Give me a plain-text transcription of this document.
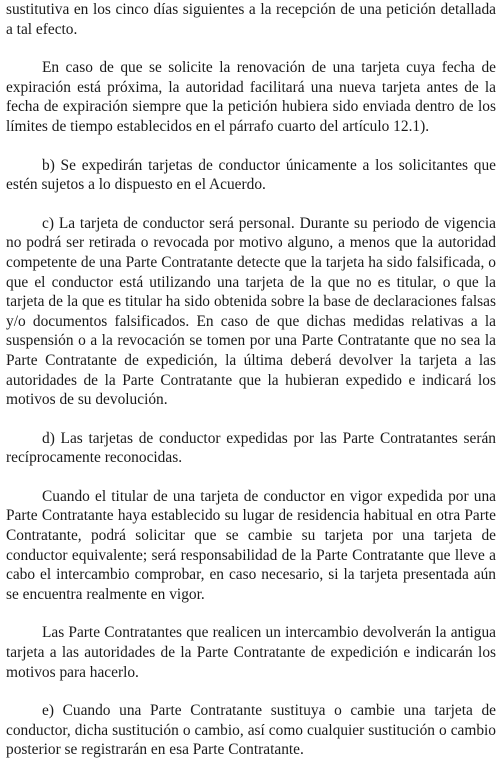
sustitutiva en los cinco días siguientes a la recepción de una petición detallada a tal efecto.

En caso de que se solicite la renovación de una tarjeta cuya fecha de expiración está próxima, la autoridad facilitará una nueva tarjeta antes de la fecha de expiración siempre que la petición hubiera sido enviada dentro de los límites de tiempo establecidos en el párrafo cuarto del artículo 12.1).

b) Se expedirán tarjetas de conductor únicamente a los solicitantes que estén sujetos a lo dispuesto en el Acuerdo.

c) La tarjeta de conductor será personal. Durante su periodo de vigencia no podrá ser retirada o revocada por motivo alguno, a menos que la autoridad competente de una Parte Contratante detecte que la tarjeta ha sido falsificada, o que el conductor está utilizando una tarjeta de la que no es titular, o que la tarjeta de la que es titular ha sido obtenida sobre la base de declaraciones falsas y/o documentos falsificados. En caso de que dichas medidas relativas a la suspensión o a la revocación se tomen por una Parte Contratante que no sea la Parte Contratante de expedición, la última deberá devolver la tarjeta a las autoridades de la Parte Contratante que la hubieran expedido e indicará los motivos de su devolución.

d) Las tarjetas de conductor expedidas por las Parte Contratantes serán recíprocamente reconocidas.

Cuando el titular de una tarjeta de conductor en vigor expedida por una Parte Contratante haya establecido su lugar de residencia habitual en otra Parte Contratante, podrá solicitar que se cambie su tarjeta por una tarjeta de conductor equivalente; será responsabilidad de la Parte Contratante que lleve a cabo el intercambio comprobar, en caso necesario, si la tarjeta presentada aún se encuentra realmente en vigor.

Las Parte Contratantes que realicen un intercambio devolverán la antigua tarjeta a las autoridades de la Parte Contratante de expedición e indicarán los motivos para hacerlo.

e) Cuando una Parte Contratante sustituya o cambie una tarjeta de conductor, dicha sustitución o cambio, así como cualquier sustitución o cambio posterior se registrarán en esa Parte Contratante.
